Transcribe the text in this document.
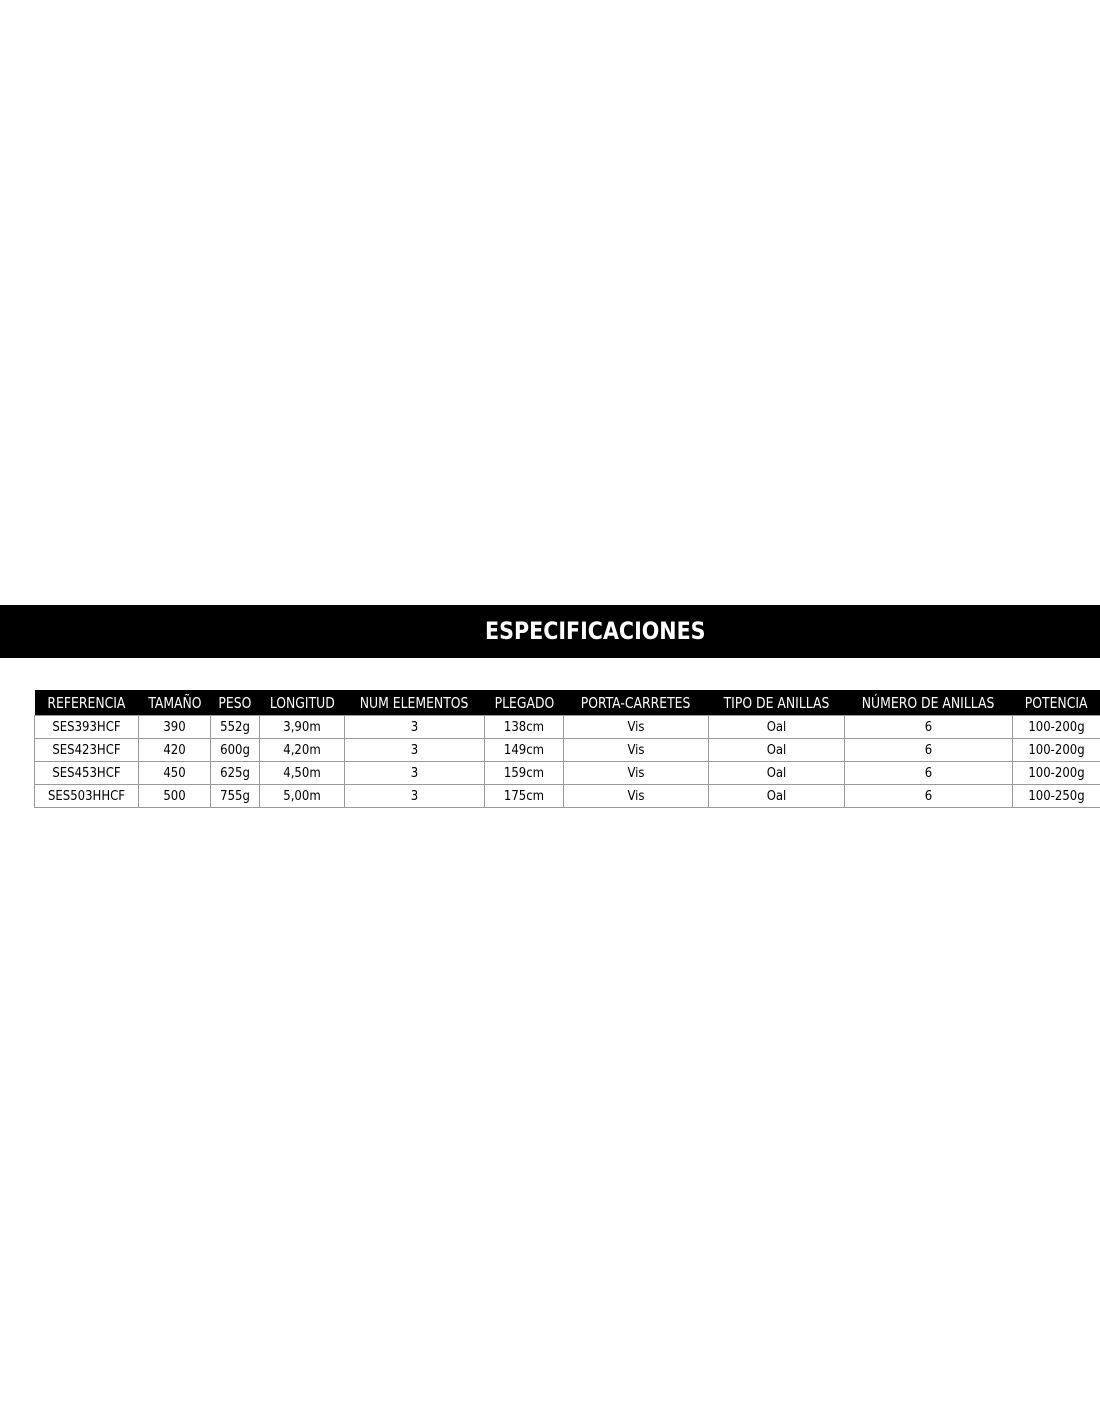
ESPECIFICACIONES
REFERENCIA	TAMAÑO	PESO	LONGITUD	NUM ELEMENTOS	PLEGADO	PORTA-CARRETES	TIPO DE ANILLAS	NÚMERO DE ANILLAS	POTENCIA
SES393HCF	390	552g	3,90m	3	138cm	Vis	Oal	6	100-200g
SES423HCF	420	600g	4,20m	3	149cm	Vis	Oal	6	100-200g
SES453HCF	450	625g	4,50m	3	159cm	Vis	Oal	6	100-200g
SES503HHCF	500	755g	5,00m	3	175cm	Vis	Oal	6	100-250g
